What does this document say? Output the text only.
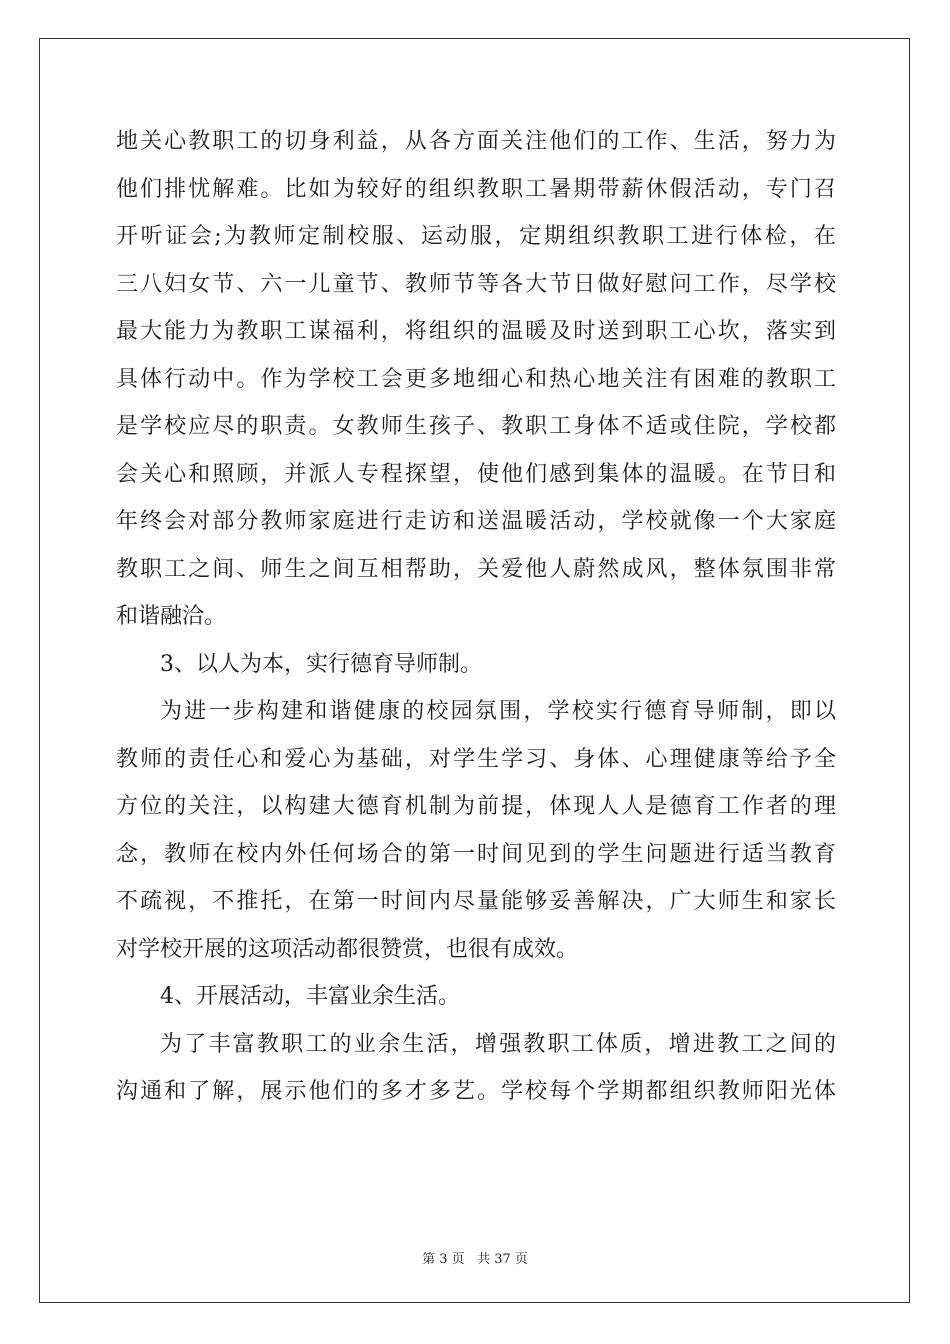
地关心教职工的切身利益，从各方面关注他们的工作、生活，努力为
他们排忧解难。比如为较好的组织教职工暑期带薪休假活动，专门召
开听证会;为教师定制校服、运动服，定期组织教职工进行体检，在
三八妇女节、六一儿童节、教师节等各大节日做好慰问工作，尽学校
最大能力为教职工谋福利，将组织的温暖及时送到职工心坎，落实到
具体行动中。作为学校工会更多地细心和热心地关注有困难的教职工
是学校应尽的职责。女教师生孩子、教职工身体不适或住院，学校都
会关心和照顾，并派人专程探望，使他们感到集体的温暖。在节日和
年终会对部分教师家庭进行走访和送温暖活动，学校就像一个大家庭
教职工之间、师生之间互相帮助，关爱他人蔚然成风，整体氛围非常
和谐融洽。
3、以人为本，实行德育导师制。
为进一步构建和谐健康的校园氛围，学校实行德育导师制，即以
教师的责任心和爱心为基础，对学生学习、身体、心理健康等给予全
方位的关注，以构建大德育机制为前提，体现人人是德育工作者的理
念，教师在校内外任何场合的第一时间见到的学生问题进行适当教育
不疏视，不推托，在第一时间内尽量能够妥善解决，广大师生和家长
对学校开展的这项活动都很赞赏，也很有成效。
4、开展活动，丰富业余生活。
为了丰富教职工的业余生活，增强教职工体质，增进教工之间的
沟通和了解，展示他们的多才多艺。学校每个学期都组织教师阳光体
第 3 页 共 37 页
